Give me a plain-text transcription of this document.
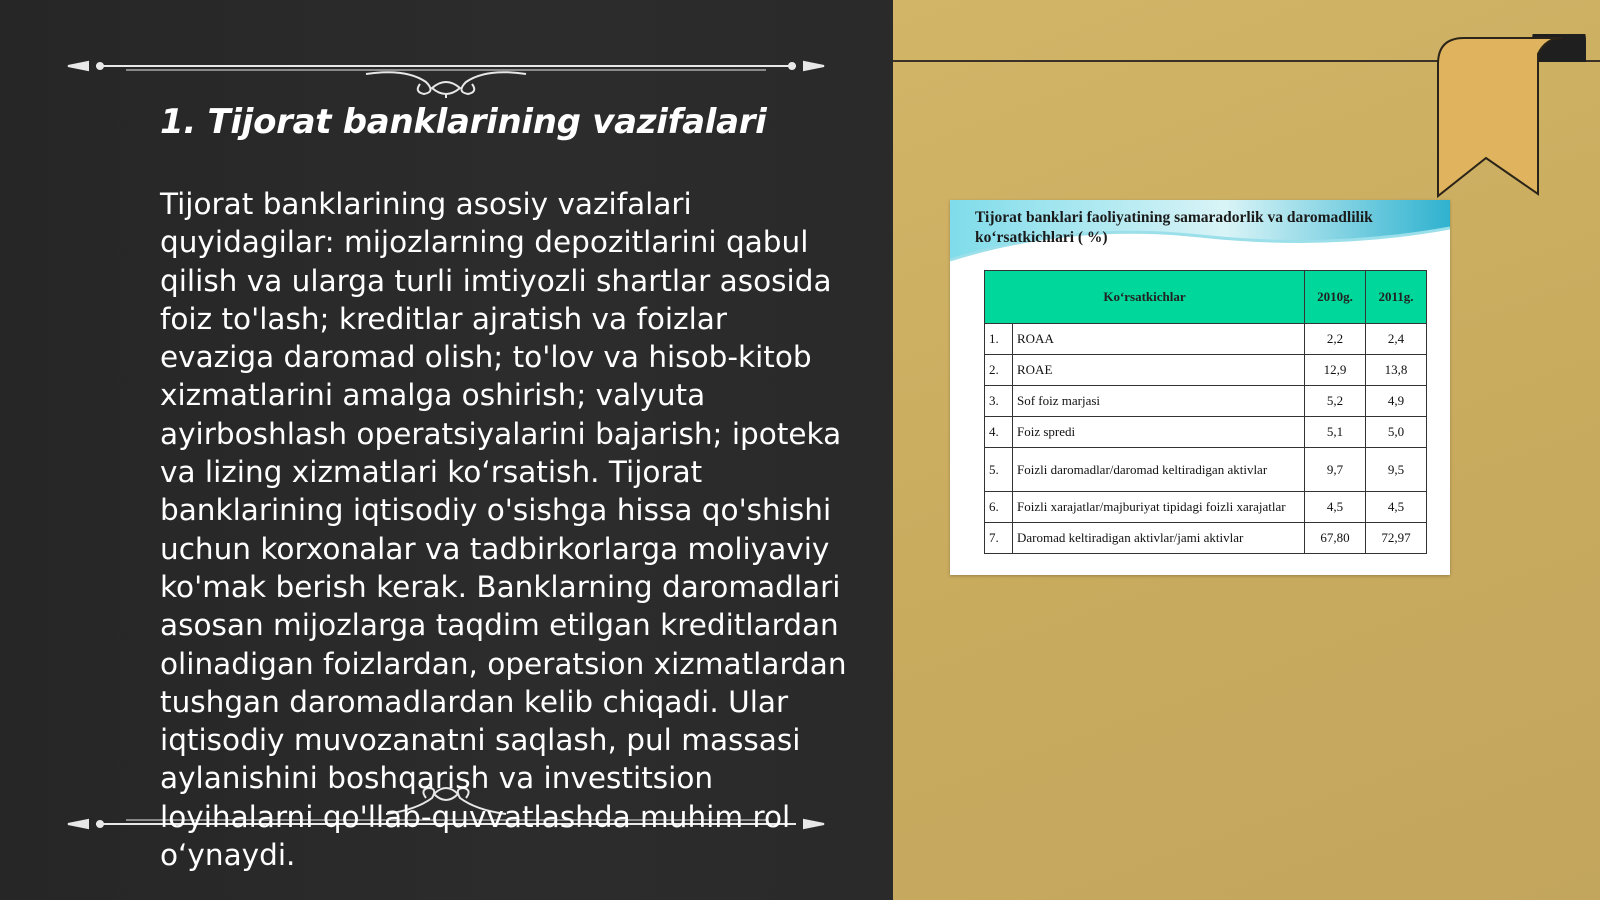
1. Tijorat banklarining vazifalari

Tijorat banklarining asosiy vazifalari quyidagilar: mijozlarning depozitlarini qabul qilish va ularga turli imtiyozli shartlar asosida foiz to'lash; kreditlar ajratish va foizlar evaziga daromad olish; to'lov va hisob-kitob xizmatlarini amalga oshirish; valyuta ayirboshlash operatsiyalarini bajarish; ipoteka va lizing xizmatlari ko‘rsatish. Tijorat banklarining iqtisodiy o'sishga hissa qo'shishi uchun korxonalar va tadbirkorlarga moliyaviy ko'mak berish kerak. Banklarning daromadlari asosan mijozlarga taqdim etilgan kreditlardan olinadigan foizlardan, operatsion xizmatlardan tushgan daromadlardan kelib chiqadi. Ular iqtisodiy muvozanatni saqlash, pul massasi aylanishini boshqarish va investitsion loyihalarni qo'llab-quvvatlashda muhim rol o‘ynaydi.

Tijorat banklari faoliyatining samaradorlik va daromadlilik ko‘rsatkichlari ( %)

Ko‘rsatkichlar		2010g.	2011g.
1.	ROAA	2,2	2,4
2.	ROAE	12,9	13,8
3.	Sof foiz marjasi	5,2	4,9
4.	Foiz spredi	5,1	5,0
5.	Foizli daromadlar/daromad keltiradigan aktivlar	9,7	9,5
6.	Foizli xarajatlar/majburiyat tipidagi foizli xarajatlar	4,5	4,5
7.	Daromad keltiradigan aktivlar/jami aktivlar	67,80	72,97
